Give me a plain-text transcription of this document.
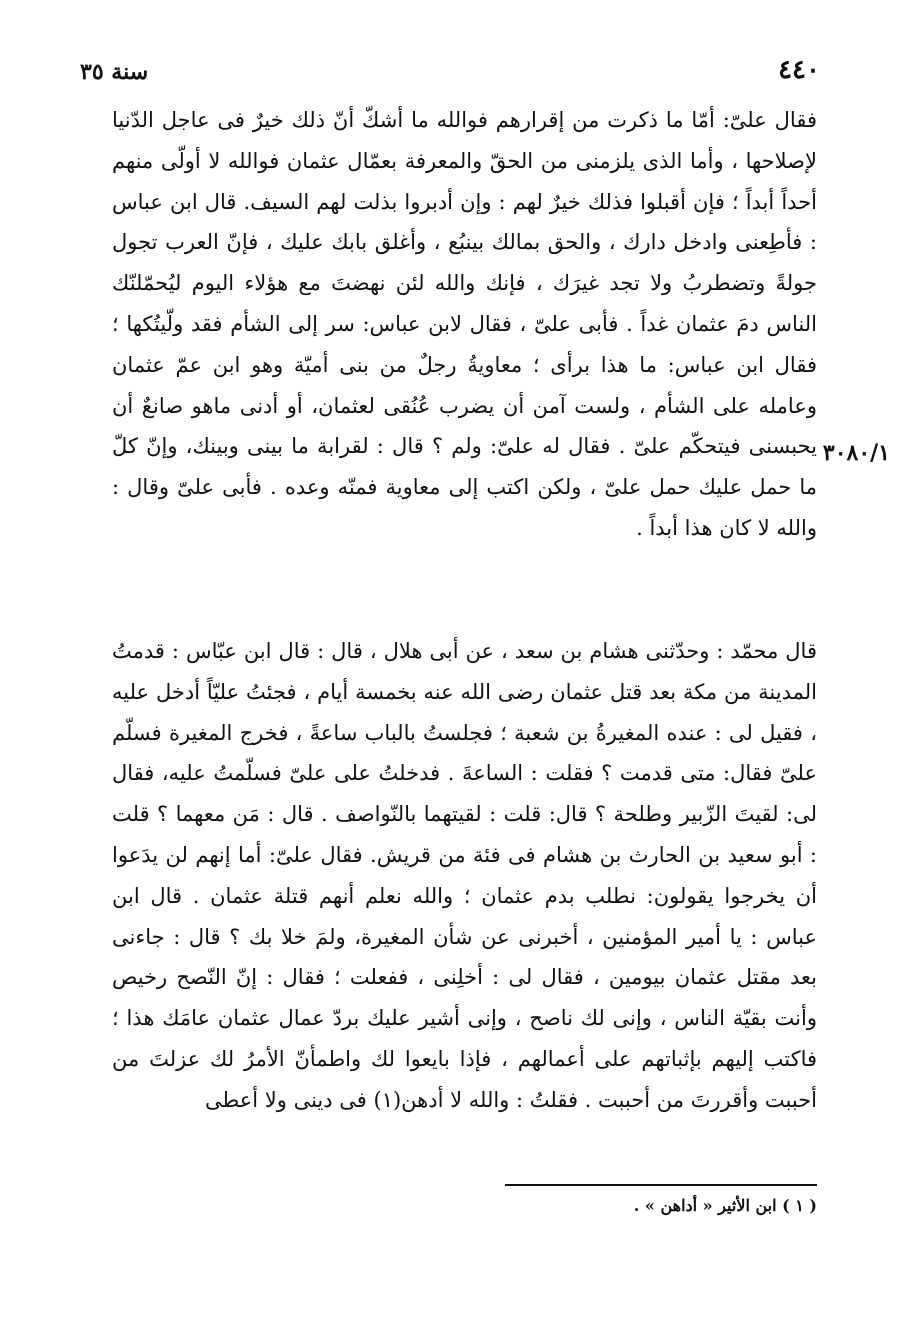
٤٤٠
سنة ٣٥
٣٠٨٠/١

فقال علىّ: أمّا ما ذكرت من إقرارهم فوالله ما أشكّ أنّ ذلك خيرٌ فى عاجل الدّنيا لإصلاحها ، وأما الذى يلزمنى من الحقّ والمعرفة بعمّال عثمان فوالله لا أولّى منهم أحداً أبداً ؛ فإن أقبلوا فذلك خيرٌ لهم : وإن أدبروا بذلت لهم السيف. قال ابن عباس : فأطِعنى وادخل دارك ، والحق بمالك بينبُع ، وأغلق بابك عليك ، فإنّ العرب تجول جولةً وتضطربُ ولا تجد غيرَك ، فإنك والله لئن نهضتَ مع هؤلاء اليوم ليُحمّلنّك الناس دمَ عثمان غداً . فأبى علىّ ، فقال لابن عباس: سر إلى الشأم فقد ولّيتُكها ؛ فقال ابن عباس: ما هذا برأى ؛ معاويةُ رجلٌ من بنى أميّة وهو ابن عمّ عثمان وعامله على الشأم ، ولست آمن أن يضرب عُنُقى لعثمان، أو أدنى ماهو صانعٌ أن يحبسنى فيتحكّم علىّ . فقال له علىّ: ولم ؟ قال : لقرابة ما بينى وبينك، وإنّ كلّ ما حمل عليك حمل علىّ ، ولكن اكتب إلى معاوية فمنّه وعده . فأبى علىّ وقال : والله لا كان هذا أبداً .

قال محمّد : وحدّثنى هشام بن سعد ، عن أبى هلال ، قال : قال ابن عبّاس : قدمتُ المدينة من مكة بعد قتل عثمان رضى الله عنه بخمسة أيام ، فجئتُ عليّاً أدخل عليه ، فقيل لى : عنده المغيرةُ بن شعبة ؛ فجلستُ بالباب ساعةً ، فخرج المغيرة فسلّم علىّ فقال: متى قدمت ؟ فقلت : الساعةَ . فدخلتُ على علىّ فسلّمتُ عليه، فقال لى: لقيتَ الزّبير وطلحة ؟ قال: قلت : لقيتهما بالنّواصف . قال : مَن معهما ؟ قلت : أبو سعيد بن الحارث بن هشام فى فئة من قريش. فقال علىّ: أما إنهم لن يدَعوا أن يخرجوا يقولون: نطلب بدم عثمان ؛ والله نعلم أنهم قتلة عثمان . قال ابن عباس : يا أمير المؤمنين ، أخبرنى عن شأن المغيرة، ولمَ خلا بك ؟ قال : جاءنى بعد مقتل عثمان بيومين ، فقال لى : أخلِنى ، ففعلت ؛ فقال : إنّ النّصح رخيص وأنت بقيّة الناس ، وإنى لك ناصح ، وإنى أشير عليك بردّ عمال عثمان عامَك هذا ؛ فاكتب إليهم بإثباتهم على أعمالهم ، فإذا بايعوا لك واطمأنّ الأمرُ لك عزلتَ من أحببت وأقررتَ من أحببت . فقلتُ : والله لا أدهن(١) فى دينى ولا أعطى

( ١ ) ابن الأثير « أداهن » .
